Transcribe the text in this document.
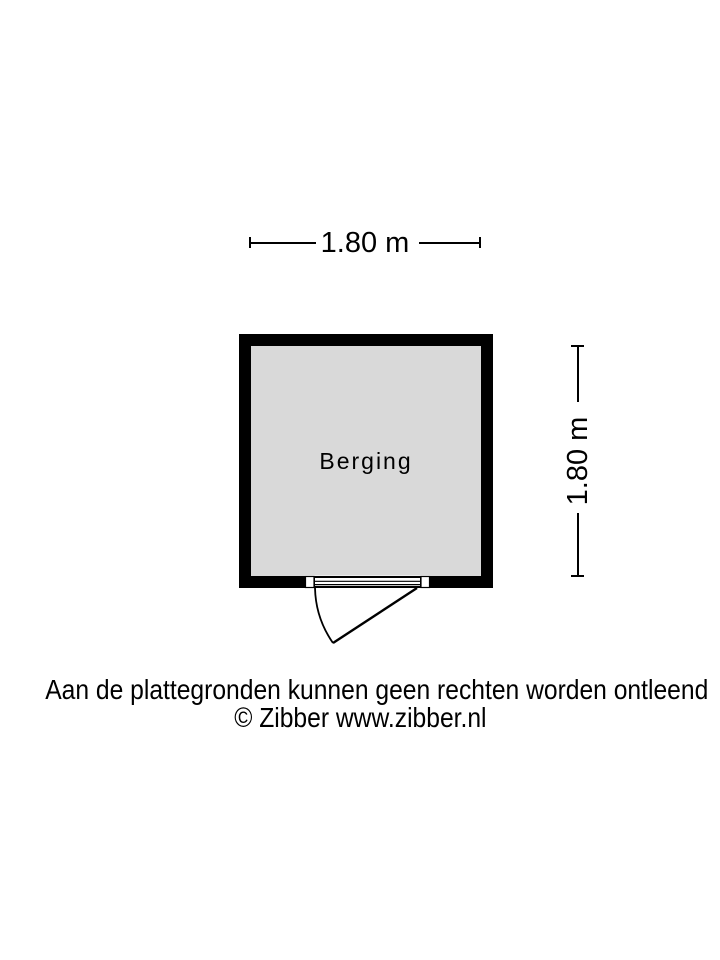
1.80 m
Berging	1.80 m
Aan de plattegronden kunnen geen rechten worden ontleend
© Zibber www.zibber.nl
